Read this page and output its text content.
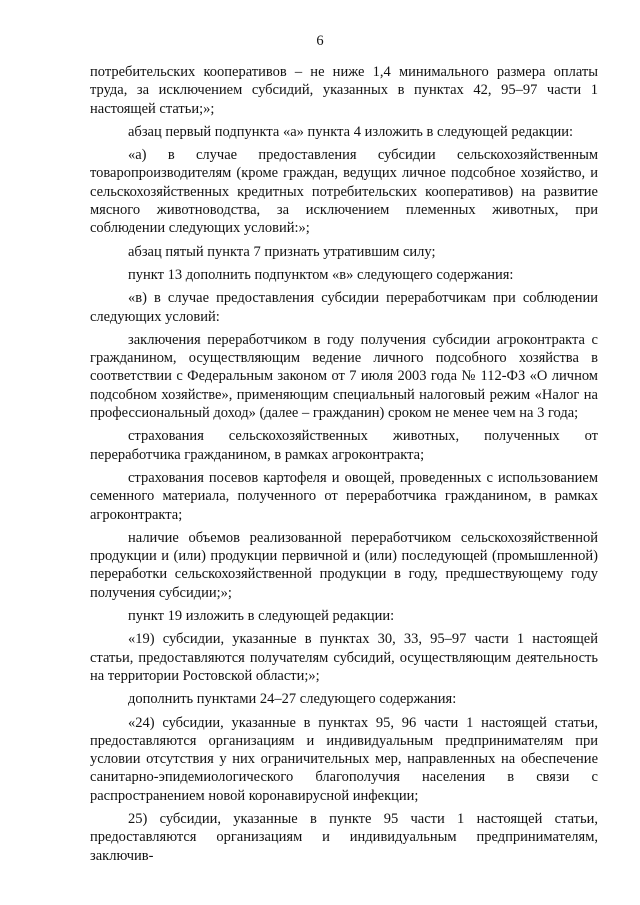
6

потребительских кооперативов – не ниже 1,4 минимального размера оплаты труда, за исключением субсидий, указанных в пунктах 42, 95–97 части 1 настоящей статьи;»;

абзац первый подпункта «а» пункта 4 изложить в следующей редакции:

«а) в случае предоставления субсидии сельскохозяйственным товаропроизводителям (кроме граждан, ведущих личное подсобное хозяйство, и сельскохозяйственных кредитных потребительских кооперативов) на развитие мясного животноводства, за исключением племенных животных, при соблюдении следующих условий:»;

абзац пятый пункта 7 признать утратившим силу;

пункт 13 дополнить подпунктом «в» следующего содержания:

«в) в случае предоставления субсидии переработчикам при соблюдении следующих условий:

заключения переработчиком в году получения субсидии агроконтракта с гражданином, осуществляющим ведение личного подсобного хозяйства в соответствии с Федеральным законом от 7 июля 2003 года № 112-ФЗ «О личном подсобном хозяйстве», применяющим специальный налоговый режим «Налог на профессиональный доход» (далее – гражданин) сроком не менее чем на 3 года;

страхования сельскохозяйственных животных, полученных от переработчика гражданином, в рамках агроконтракта;

страхования посевов картофеля и овощей, проведенных с использованием семенного материала, полученного от переработчика гражданином, в рамках агроконтракта;

наличие объемов реализованной переработчиком сельскохозяйственной продукции и (или) продукции первичной и (или) последующей (промышленной) переработки сельскохозяйственной продукции в году, предшествующему году получения субсидии;»;

пункт 19 изложить в следующей редакции:

«19) субсидии, указанные в пунктах 30, 33, 95–97 части 1 настоящей статьи, предоставляются получателям субсидий, осуществляющим деятельность на территории Ростовской области;»;

дополнить пунктами 24–27 следующего содержания:

«24) субсидии, указанные в пунктах 95, 96 части 1 настоящей статьи, предоставляются организациям и индивидуальным предпринимателям при условии отсутствия у них ограничительных мер, направленных на обеспечение санитарно-эпидемиологического благополучия населения в связи с распространением новой коронавирусной инфекции;

25) субсидии, указанные в пункте 95 части 1 настоящей статьи, предоставляются организациям и индивидуальным предпринимателям, заключив-
